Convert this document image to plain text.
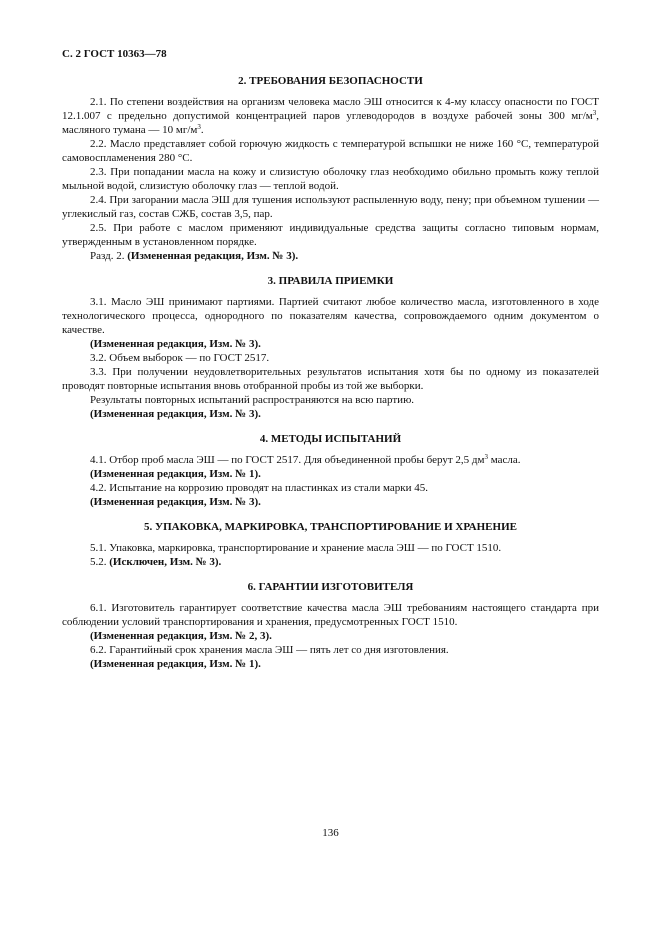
С. 2 ГОСТ 10363—78
2. ТРЕБОВАНИЯ БЕЗОПАСНОСТИ

2.1. По степени воздействия на организм человека масло ЭШ относится к 4-му классу опасности по ГОСТ 12.1.007 с предельно допустимой концентрацией паров углеводородов в воздухе рабочей зоны 300 $мг/м^3$, масляного тумана — 10 $мг/м^3$.

2.2. Масло представляет собой горючую жидкость с температурой вспышки не ниже 160 °С, температурой самовоспламенения 280 °С.

2.3. При попадании масла на кожу и слизистую оболочку глаз необходимо обильно промыть кожу теплой мыльной водой, слизистую оболочку глаз — теплой водой.

2.4. При загорании масла ЭШ для тушения используют распыленную воду, пену; при объемном тушении — углекислый газ, состав СЖБ, состав 3,5, пар.

2.5. При работе с маслом применяют индивидуальные средства защиты согласно типовым нормам, утвержденным в установленном порядке.

Разд. 2. (Измененная редакция, Изм. № 3).

3. ПРАВИЛА ПРИЕМКИ

3.1. Масло ЭШ принимают партиями. Партией считают любое количество масла, изготовленного в ходе технологического процесса, однородного по показателям качества, сопровождаемого одним документом о качестве.

(Измененная редакция, Изм. № 3).

3.2. Объем выборок — по ГОСТ 2517.

3.3. При получении неудовлетворительных результатов испытания хотя бы по одному из показателей проводят повторные испытания вновь отобранной пробы из той же выборки.

Результаты повторных испытаний распространяются на всю партию.

(Измененная редакция, Изм. № 3).

4. МЕТОДЫ ИСПЫТАНИЙ

4.1. Отбор проб масла ЭШ — по ГОСТ 2517. Для объединенной пробы берут 2,5 $дм^3$ масла.

(Измененная редакция, Изм. № 1).

4.2. Испытание на коррозию проводят на пластинках из стали марки 45.

(Измененная редакция, Изм. № 3).

5. УПАКОВКА, МАРКИРОВКА, ТРАНСПОРТИРОВАНИЕ И ХРАНЕНИЕ

5.1. Упаковка, маркировка, транспортирование и хранение масла ЭШ — по ГОСТ 1510.

5.2. (Исключен, Изм. № 3).

6. ГАРАНТИИ ИЗГОТОВИТЕЛЯ

6.1. Изготовитель гарантирует соответствие качества масла ЭШ требованиям настоящего стандарта при соблюдении условий транспортирования и хранения, предусмотренных ГОСТ 1510.

(Измененная редакция, Изм. № 2, 3).

6.2. Гарантийный срок хранения масла ЭШ — пять лет со дня изготовления.

(Измененная редакция, Изм. № 1).

136
